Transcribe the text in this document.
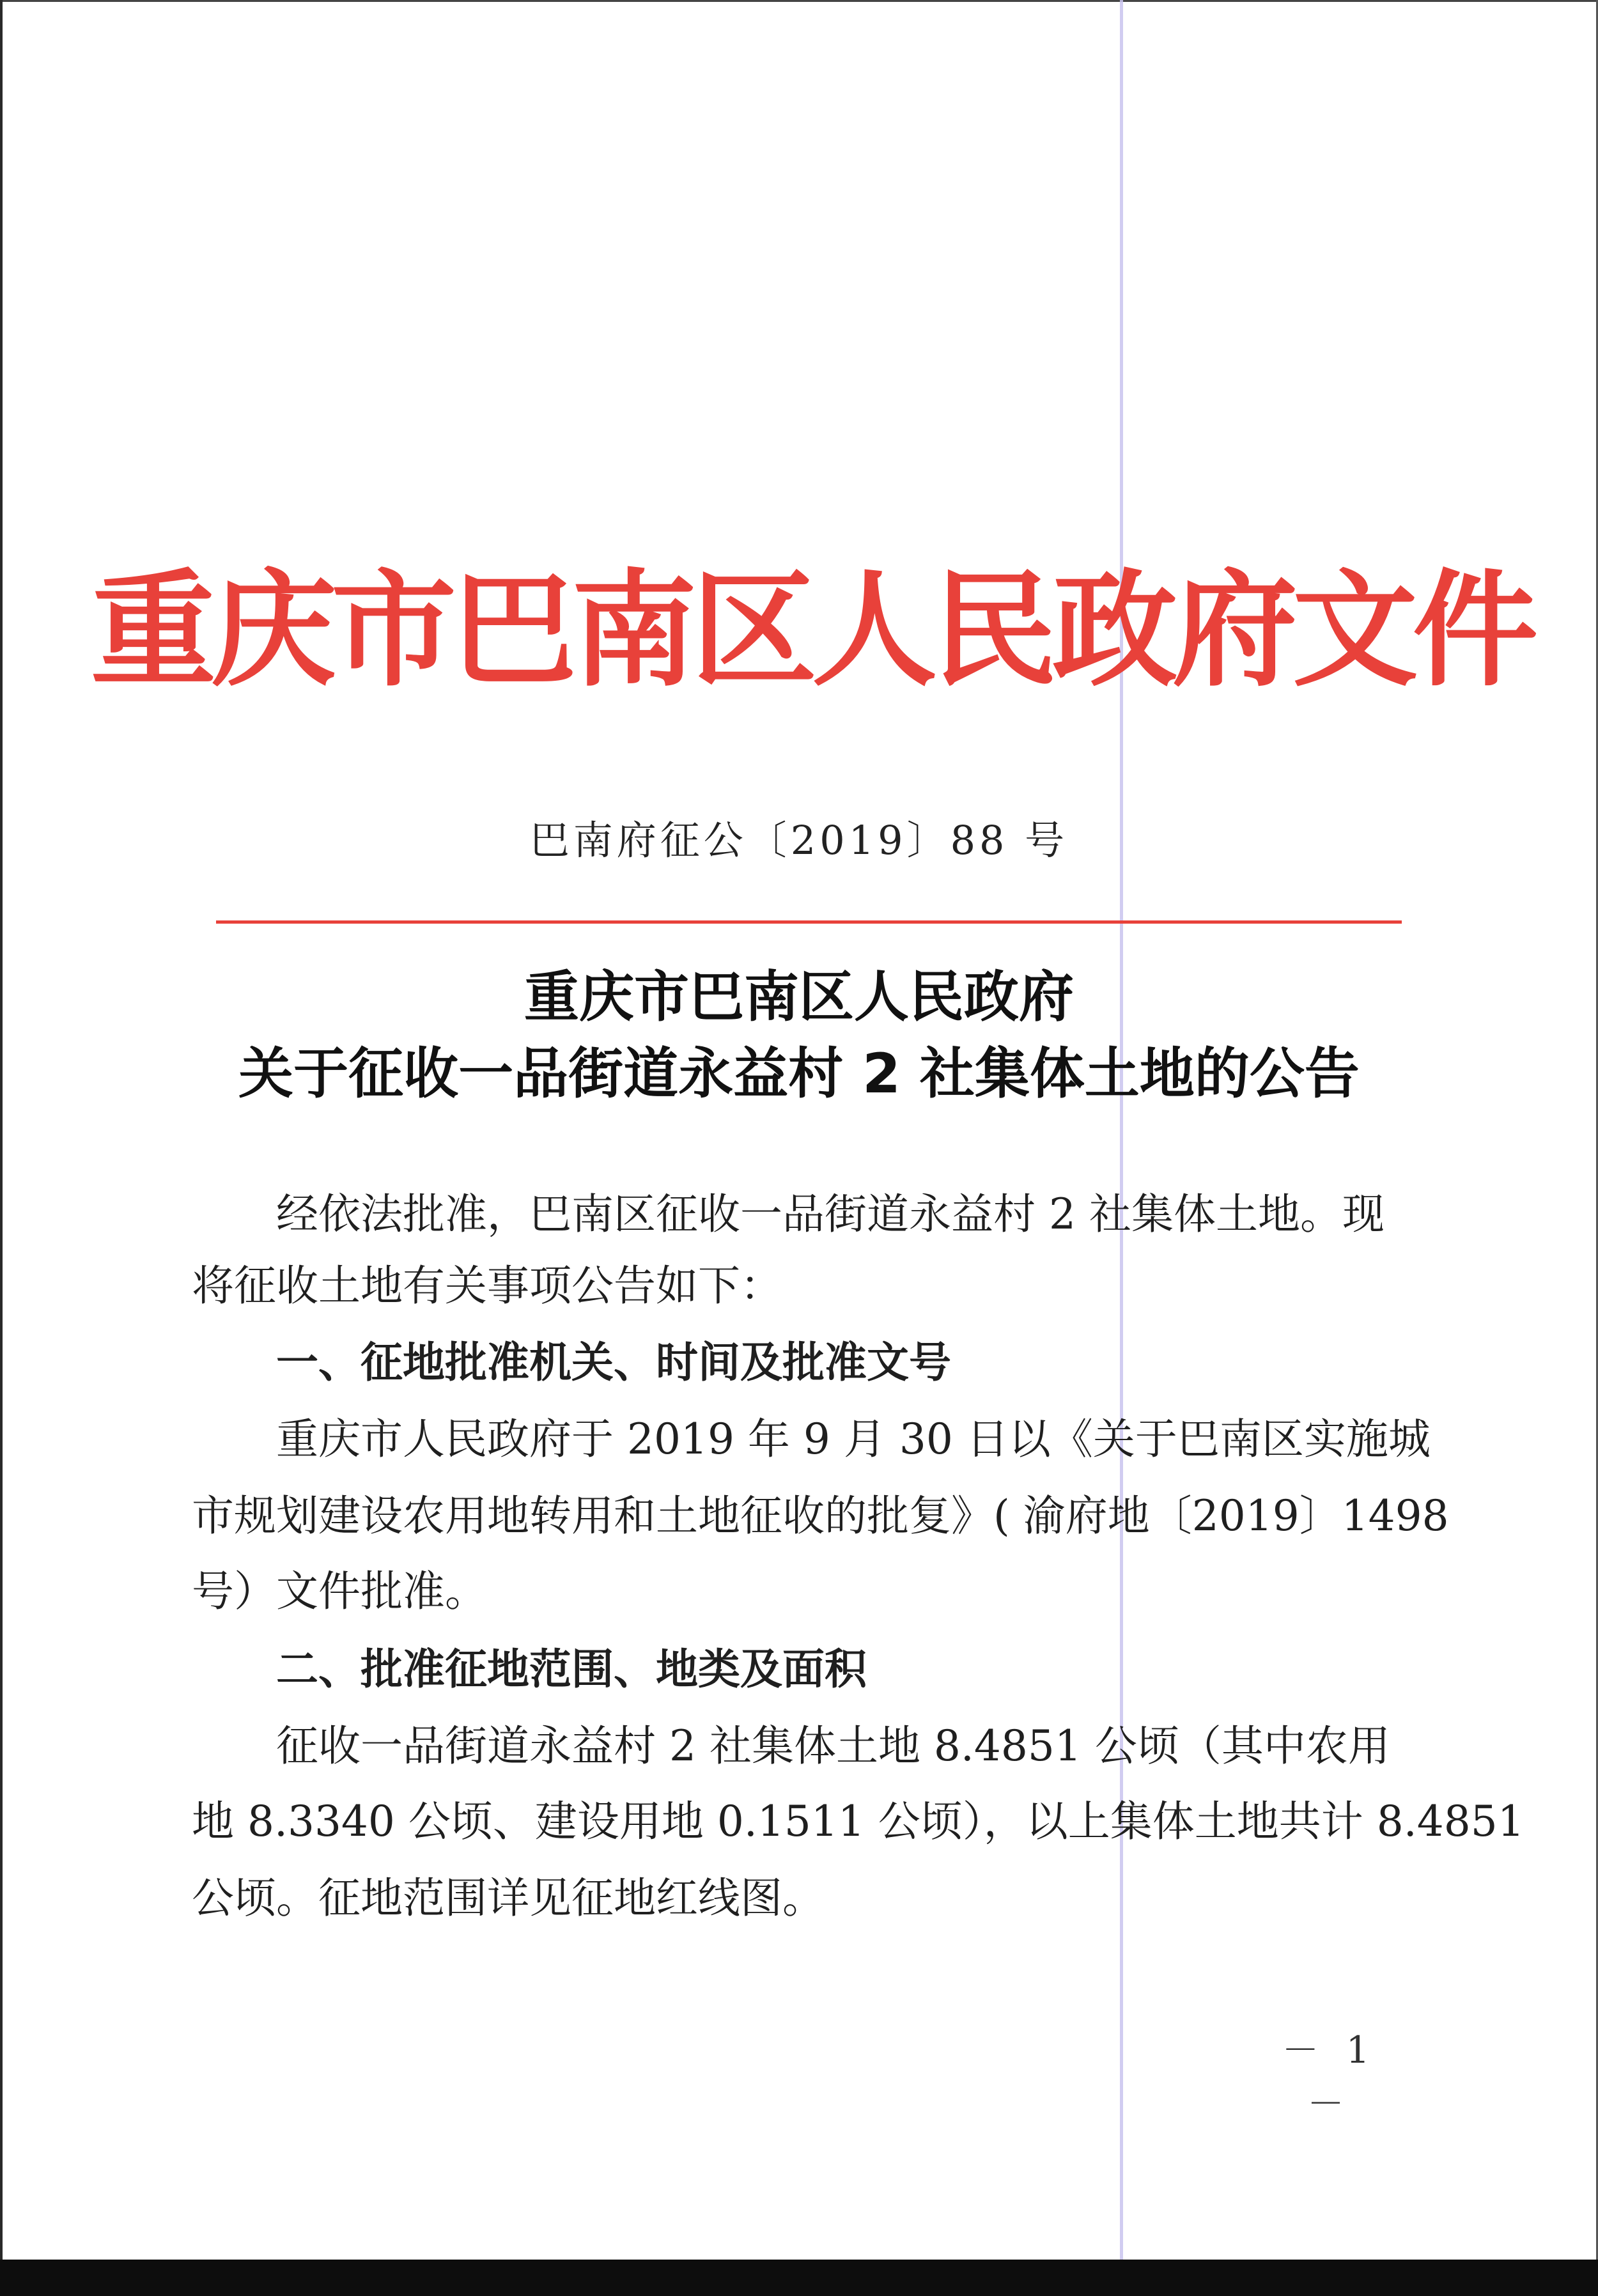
重庆市巴南区人民政府文件
巴南府征公〔2019〕88 号
重庆市巴南区人民政府
关于征收一品街道永益村 2 社集体土地的公告
经依法批准，巴南区征收一品街道永益村 2 社集体土地。现
将征收土地有关事项公告如下：
一、征地批准机关、时间及批准文号
重庆市人民政府于 2019 年 9 月 30 日以《关于巴南区实施城
市规划建设农用地转用和土地征收的批复》( 渝府地〔2019〕1498
号）文件批准。
二、批准征地范围、地类及面积
征收一品街道永益村 2 社集体土地 8.4851 公顷（其中农用
地 8.3340 公顷、建设用地 0.1511 公顷），以上集体土地共计 8.4851
公顷。征地范围详见征地红线图。
－ 1 －
